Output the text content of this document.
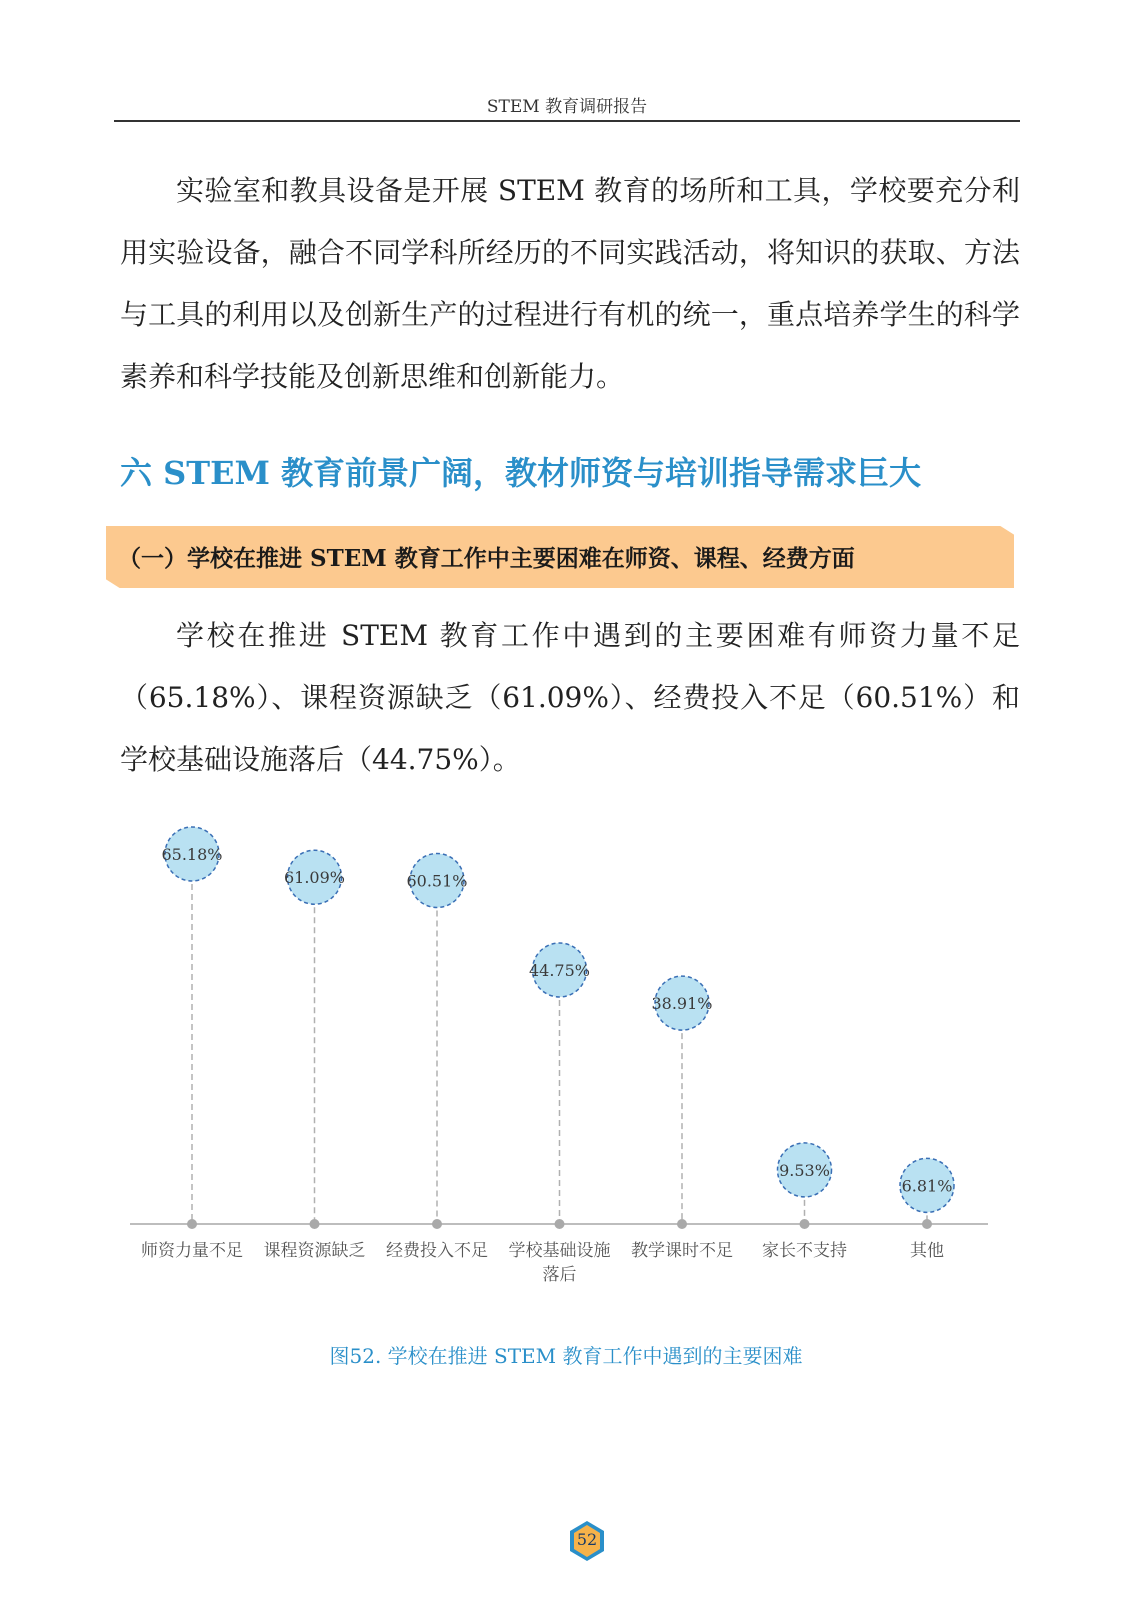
STEM 教育调研报告

实验室和教具设备是开展 STEM 教育的场所和工具，学校要充分利用实验设备，融合不同学科所经历的不同实践活动，将知识的获取、方法与工具的利用以及创新生产的过程进行有机的统一，重点培养学生的科学素养和科学技能及创新思维和创新能力。

六 STEM 教育前景广阔，教材师资与培训指导需求巨大
（一）学校在推进 STEM 教育工作中主要困难在师资、课程、经费方面

学校在推进 STEM 教育工作中遇到的主要困难有师资力量不足（65.18%）、课程资源缺乏（61.09%）、经费投入不足（60.51%）和学校基础设施落后（44.75%）。

65.18%
师资力量不足
61.09%
课程资源缺乏
60.51%
经费投入不足
44.75%
学校基础设施
落后
38.91%
教学课时不足
9.53%
家长不支持
6.81%
其他
图52. 学校在推进 STEM 教育工作中遇到的主要困难
52
